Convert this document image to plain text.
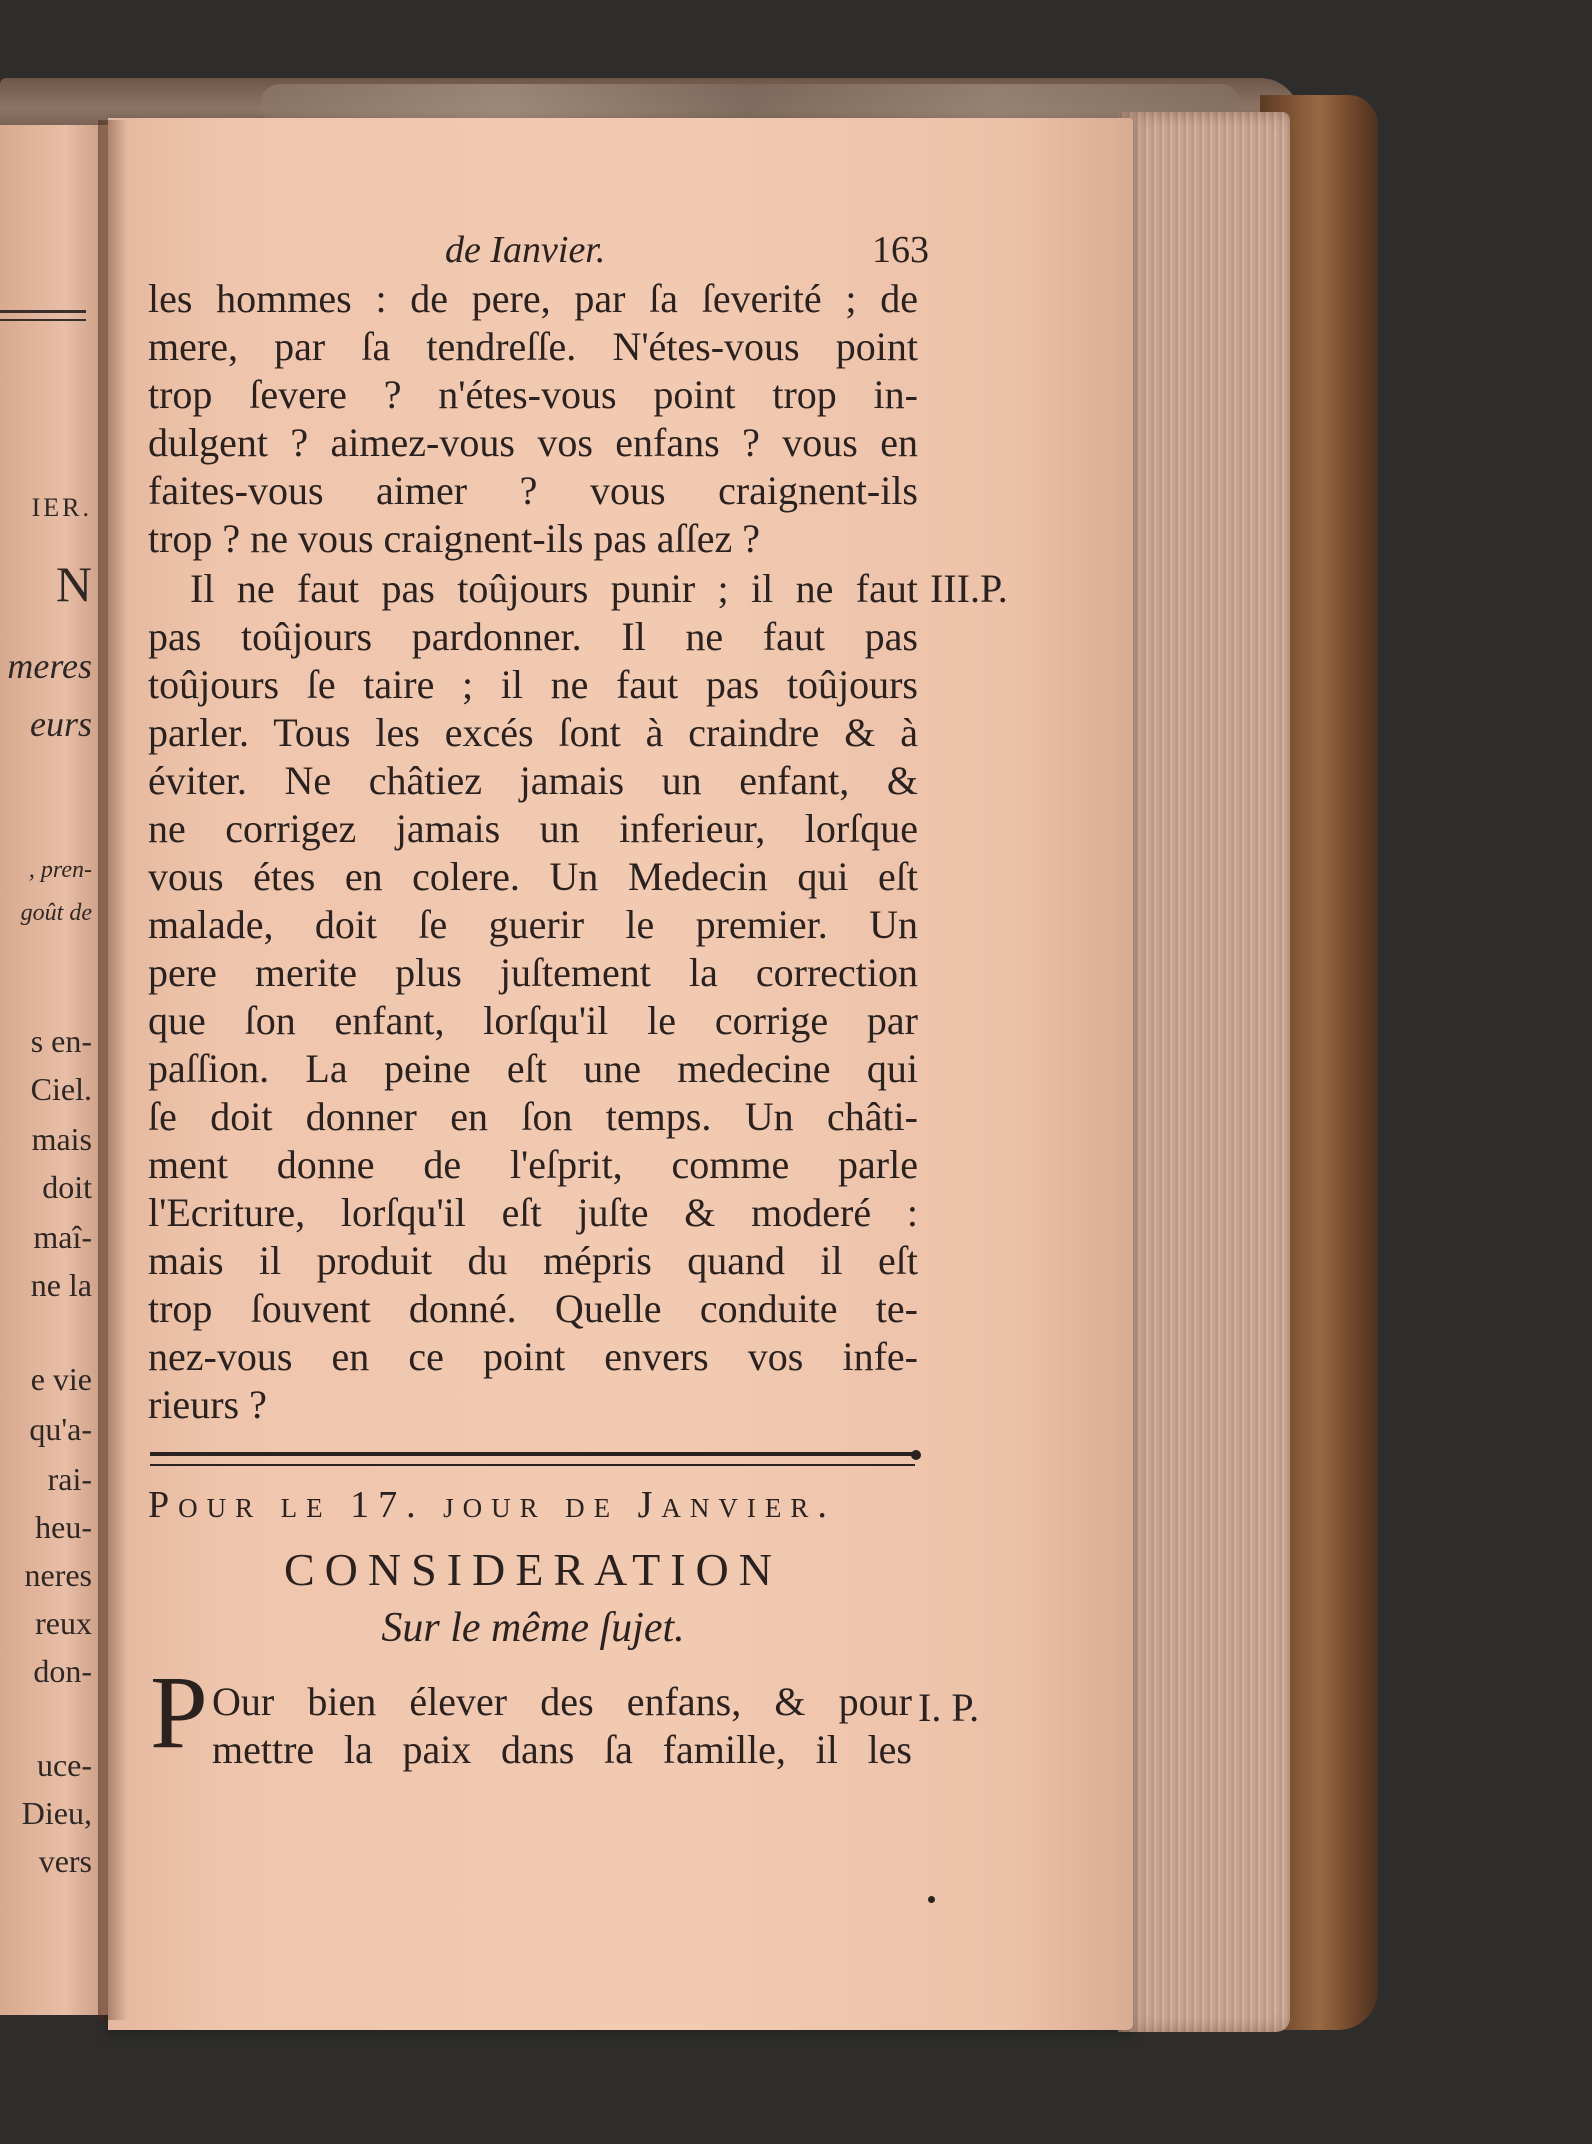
IER.
N
meres
eurs
, pren-
goût de
s en-
Ciel.
mais
doit
maî-
ne la
e vie
qu'a-
rai-
heu-
neres
reux
don-
uce-
Dieu,
vers
de Ianvier.	163
les hommes : de pere, par ſa ſeverité ; de
mere, par ſa tendreſſe. N'étes-vous point
trop ſevere ? n'étes-vous point trop in-
dulgent ? aimez-vous vos enfans ? vous en
faites-vous aimer ? vous craignent-ils
trop ? ne vous craignent-ils pas aſſez ?
Il ne faut pas toûjours punir ; il ne faut
pas toûjours pardonner. Il ne faut pas
toûjours ſe taire ; il ne faut pas toûjours
parler. Tous les excés ſont à craindre & à
éviter. Ne châtiez jamais un enfant, &
ne corrigez jamais un inferieur, lorſque
vous étes en colere. Un Medecin qui eſt
malade, doit ſe guerir le premier. Un
pere merite plus juſtement la correction
que ſon enfant, lorſqu'il le corrige par
paſſion. La peine eſt une medecine qui
ſe doit donner en ſon temps. Un châti-
ment donne de l'eſprit, comme parle
l'Ecriture, lorſqu'il eſt juſte & moderé :
mais il produit du mépris quand il eſt
trop ſouvent donné. Quelle conduite te-
nez-vous en ce point envers vos infe-
rieurs ?
III.P.
Pour le 17. jour de Janvier.
CONSIDERATION
Sur le même ſujet.
P Our bien élever des enfans, & pour
mettre la paix dans ſa famille, il les
I. P.
